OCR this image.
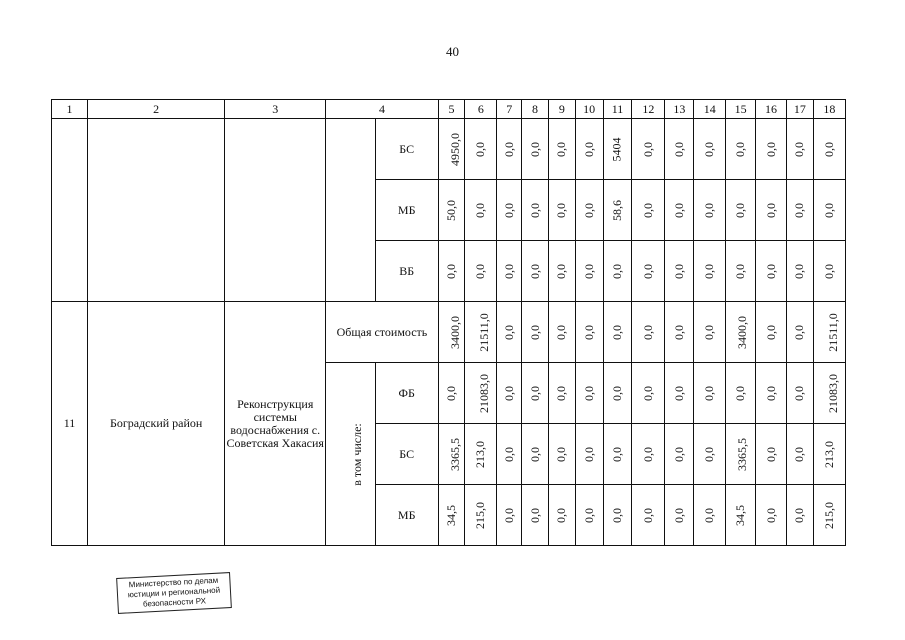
40
1	2	3	4		5	6	7	8	9	10	11	12	13	14	15	16	17	18
				БС	4950,0	0,0	0,0	0,0	0,0	0,0	5404	0,0	0,0	0,0	0,0	0,0	0,0	0,0
				МБ	50,0	0,0	0,0	0,0	0,0	0,0	58,6	0,0	0,0	0,0	0,0	0,0	0,0	0,0
				ВБ	0,0	0,0	0,0	0,0	0,0	0,0	0,0	0,0	0,0	0,0	0,0	0,0	0,0	0,0
11	Боградский район	Реконструкция системы водоснабжения с. Советская Хакасия	Общая стоимость		3400,0	21511,0	0,0	0,0	0,0	0,0	0,0	0,0	0,0	0,0	3400,0	0,0	0,0	21511,0
			в том числе:	ФБ	0,0	21083,0	0,0	0,0	0,0	0,0	0,0	0,0	0,0	0,0	0,0	0,0	0,0	21083,0
				БС	3365,5	213,0	0,0	0,0	0,0	0,0	0,0	0,0	0,0	0,0	3365,5	0,0	0,0	213,0
				МБ	34,5	215,0	0,0	0,0	0,0	0,0	0,0	0,0	0,0	0,0	34,5	0,0	0,0	215,0
Министерство по делам
юстиции и региональной
безопасности РХ
